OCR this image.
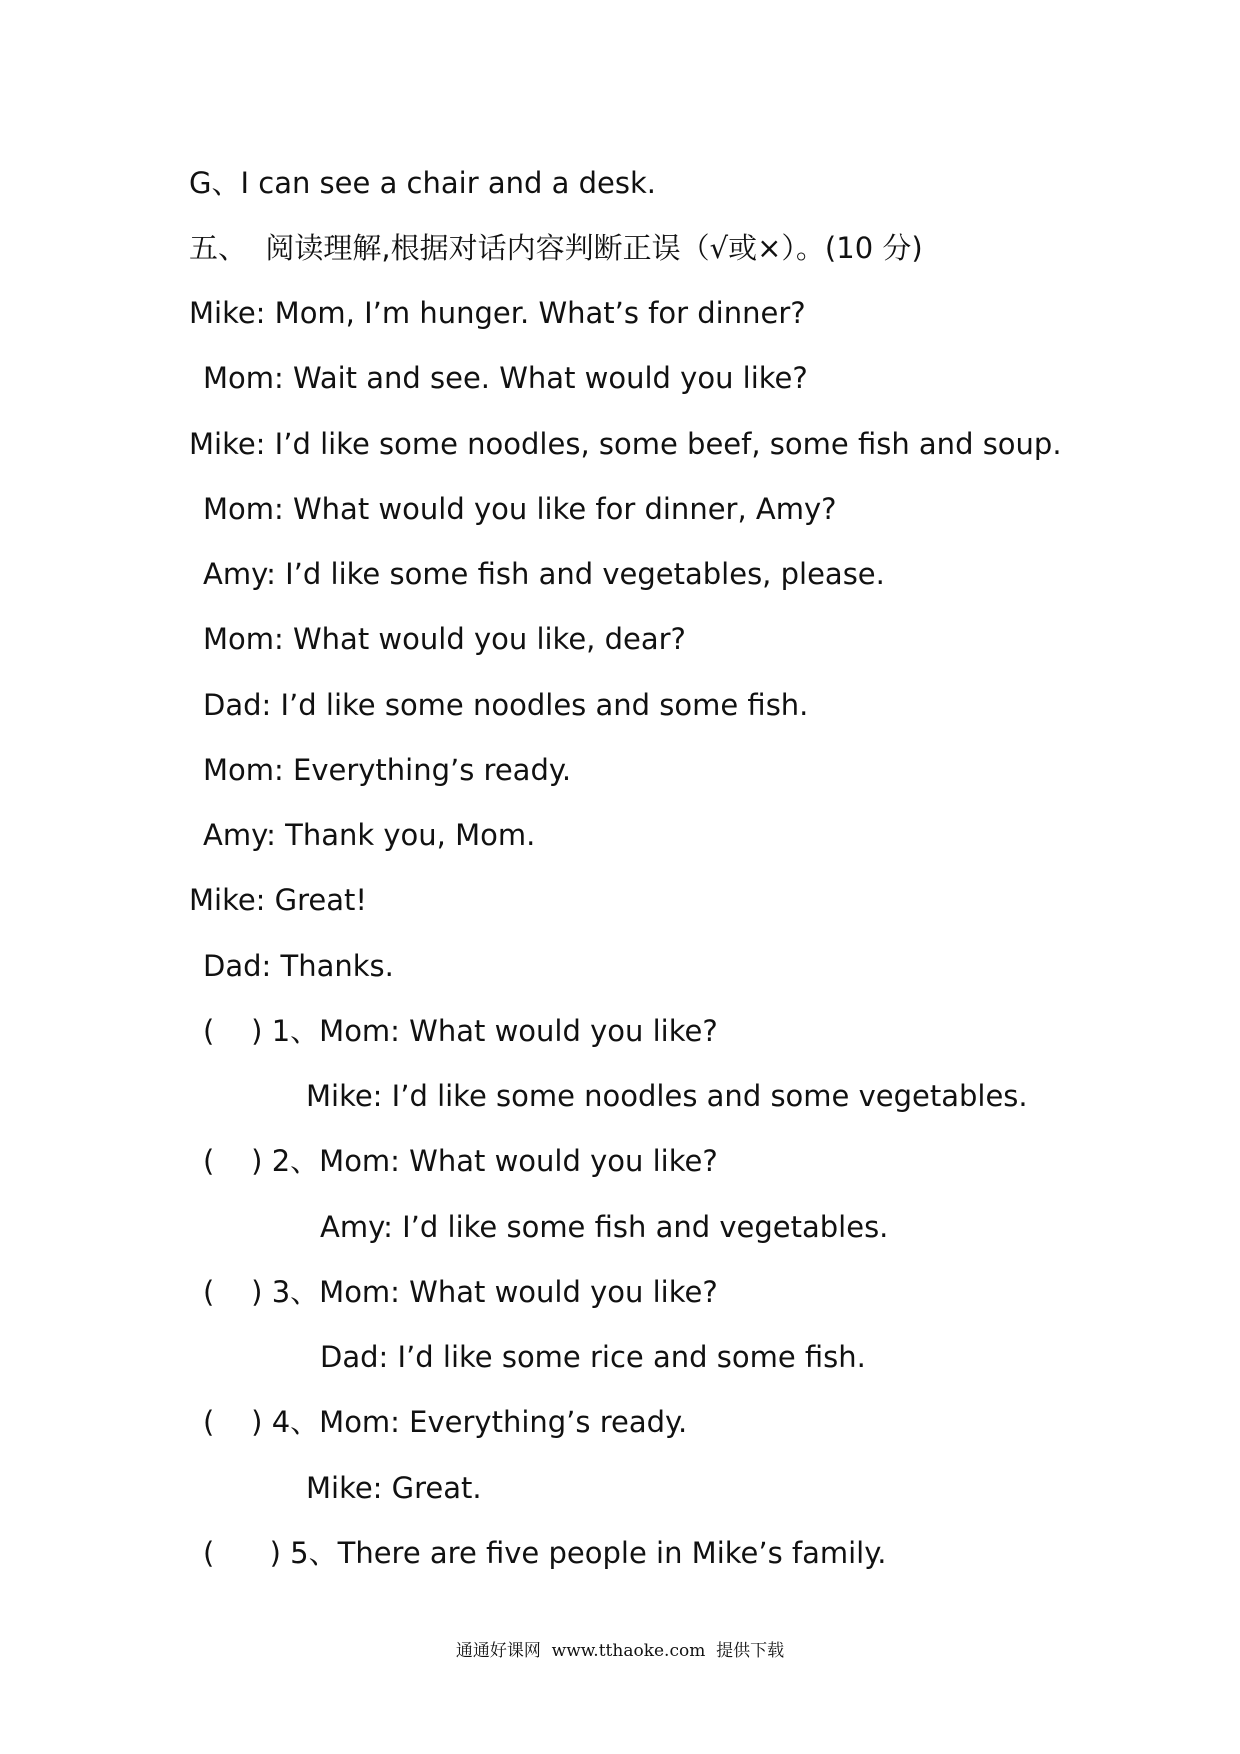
G、I can see a chair and a desk.
五、  阅读理解,根据对话内容判断正误（√或×）。(10 分)
Mike: Mom, I’m hunger. What’s for dinner?
Mom: Wait and see. What would you like?
Mike: I’d like some noodles, some beef, some fish and soup.
Mom: What would you like for dinner, Amy?
Amy: I’d like some fish and vegetables, please.
Mom: What would you like, dear?
Dad: I’d like some noodles and some fish.
Mom: Everything’s ready.
Amy: Thank you, Mom.
Mike: Great!
Dad: Thanks.
(    ) 1、Mom: What would you like?
Mike: I’d like some noodles and some vegetables.
(    ) 2、Mom: What would you like?
Amy: I’d like some fish and vegetables.
(    ) 3、Mom: What would you like?
Dad: I’d like some rice and some fish.
(    ) 4、Mom: Everything’s ready.
Mike: Great.
(      ) 5、There are five people in Mike’s family.
通通好课网  www.tthaoke.com  提供下载
